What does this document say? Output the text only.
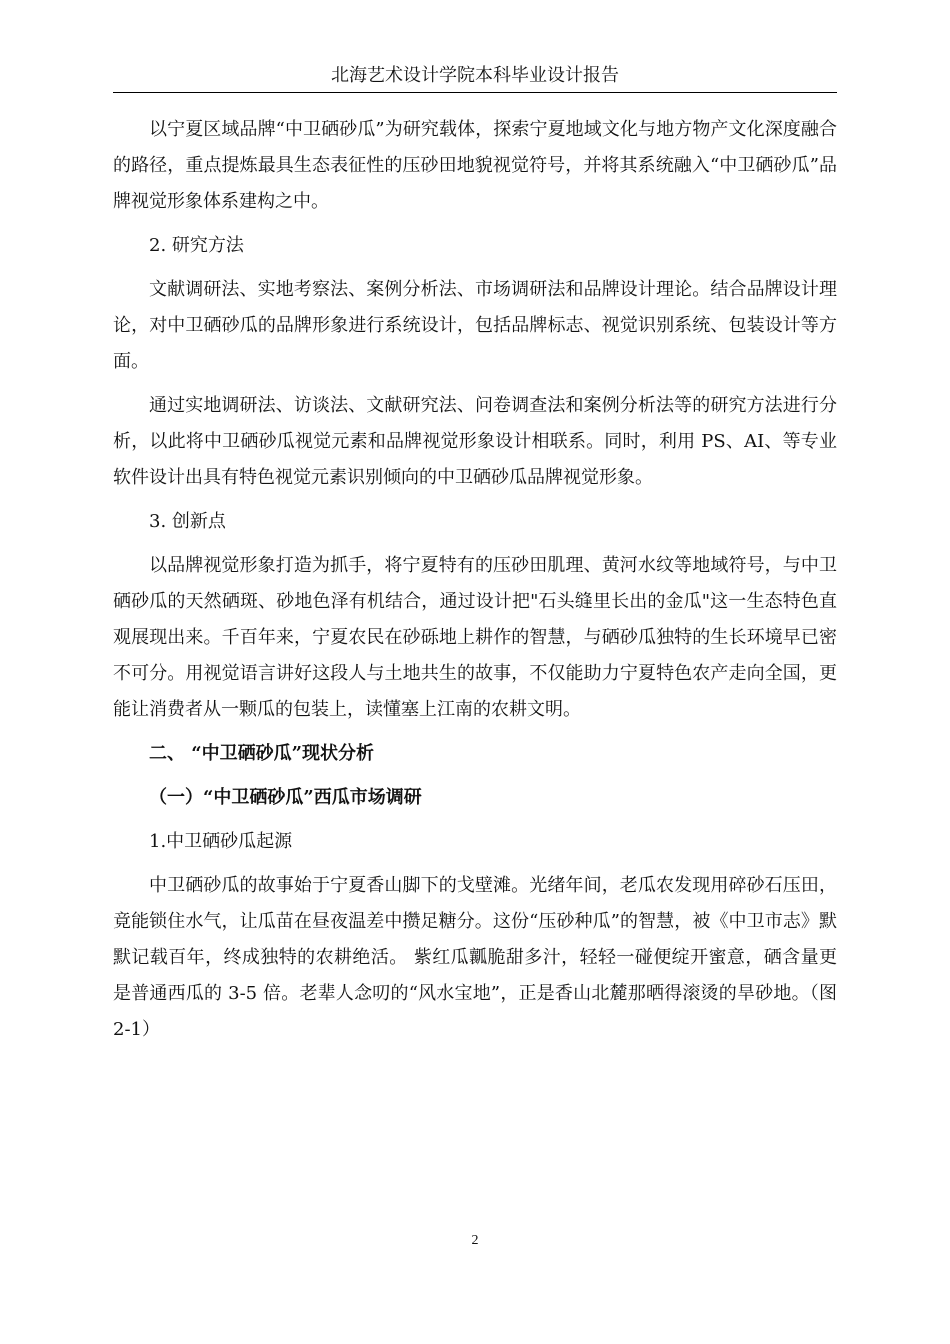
北海艺术设计学院本科毕业设计报告

以宁夏区域品牌“中卫硒砂瓜”为研究载体，探索宁夏地域文化与地方物产文化深度融合的路径，重点提炼最具生态表征性的压砂田地貌视觉符号，并将其系统融入“中卫硒砂瓜”品牌视觉形象体系建构之中。

2. 研究方法

文献调研法、实地考察法、案例分析法、市场调研法和品牌设计理论。结合品牌设计理论，对中卫硒砂瓜的品牌形象进行系统设计，包括品牌标志、视觉识别系统、包装设计等方面。

通过实地调研法、访谈法、文献研究法、问卷调查法和案例分析法等的研究方法进行分析，以此将中卫硒砂瓜视觉元素和品牌视觉形象设计相联系。同时，利用 PS、AI、等专业软件设计出具有特色视觉元素识别倾向的中卫硒砂瓜品牌视觉形象。

3. 创新点

以品牌视觉形象打造为抓手，将宁夏特有的压砂田肌理、黄河水纹等地域符号，与中卫硒砂瓜的天然硒斑、砂地色泽有机结合，通过设计把"石头缝里长出的金瓜"这一生态特色直观展现出来。千百年来，宁夏农民在砂砾地上耕作的智慧，与硒砂瓜独特的生长环境早已密不可分。用视觉语言讲好这段人与土地共生的故事，不仅能助力宁夏特色农产走向全国，更能让消费者从一颗瓜的包装上，读懂塞上江南的农耕文明。

二、 “中卫硒砂瓜”现状分析

（一）“中卫硒砂瓜”西瓜市场调研

1.中卫硒砂瓜起源

中卫硒砂瓜的故事始于宁夏香山脚下的戈壁滩。光绪年间，老瓜农发现用碎砂石压田，竟能锁住水气，让瓜苗在昼夜温差中攒足糖分。这份“压砂种瓜”的智慧，被《中卫市志》默默记载百年，终成独特的农耕绝活。 紫红瓜瓤脆甜多汁，轻轻一碰便绽开蜜意，硒含量更是普通西瓜的 3-5 倍。老辈人念叨的“风水宝地”，正是香山北麓那晒得滚烫的旱砂地。（图 2-1）

2
